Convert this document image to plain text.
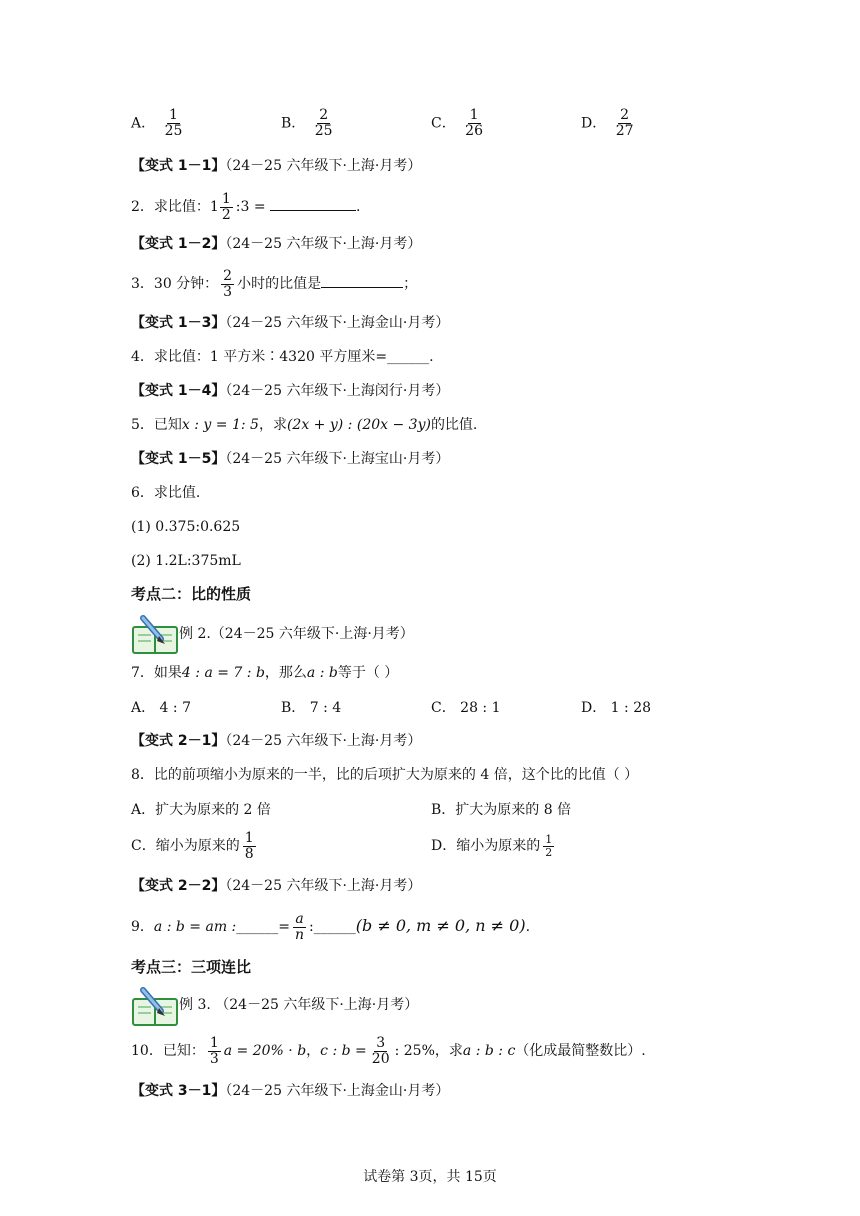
A． $\frac{1}{25}$	B． $\frac{2}{25}$	C． $\frac{1}{26}$	D． $\frac{2}{27}$
【变式 1－1】（24－25 六年级下·上海·月考）
2．求比值：$1 \frac{1}{2}$ :3 =	.
【变式 1－2】（24－25 六年级下·上海·月考）
3．30 分钟： $\frac{2}{3}$ 小时的比值是	；
【变式 1－3】（24－25 六年级下·上海金山·月考）
4．求比值：1 平方米∶4320 平方厘米=______.
【变式 1－4】（24－25 六年级下·上海闵行·月考）
5．已知x : y = 1: 5，求(2x + y) : (20x − 3y)的比值.
【变式 1－5】（24－25 六年级下·上海宝山·月考）
6．求比值.
(1) 0.375:0.625
(2) 1.2L:375mL
考点二：比的性质
例 2.（24－25 六年级下·上海·月考）
7．如果4 : a = 7 : b，那么a : b等于（ ）
A． 4 : 7	B． 7 : 4	C． 28 : 1	D． 1 : 28
【变式 2－1】（24－25 六年级下·上海·月考）
8．比的前项缩小为原来的一半，比的后项扩大为原来的 4 倍，这个比的比值（ ）
A．扩大为原来的 2 倍	B．扩大为原来的 8 倍
C．缩小为原来的 $\frac{1}{8}$	D．缩小为原来的 $\frac{1}{2}$
【变式 2－2】（24－25 六年级下·上海·月考）
9．a : b = am :______= $\frac{a}{n}$ :______(b ≠ 0, m ≠ 0, n ≠ 0).
考点三：三项连比
例 3. （24－25 六年级下·上海·月考）
10．已知： $\frac{1}{3}$ a = 20% · b，c : $b = \frac{3}{20}$ : 25%，求a : b : c（化成最简整数比）.
【变式 3－1】（24－25 六年级下·上海金山·月考）
试卷第 3页，共 15页
